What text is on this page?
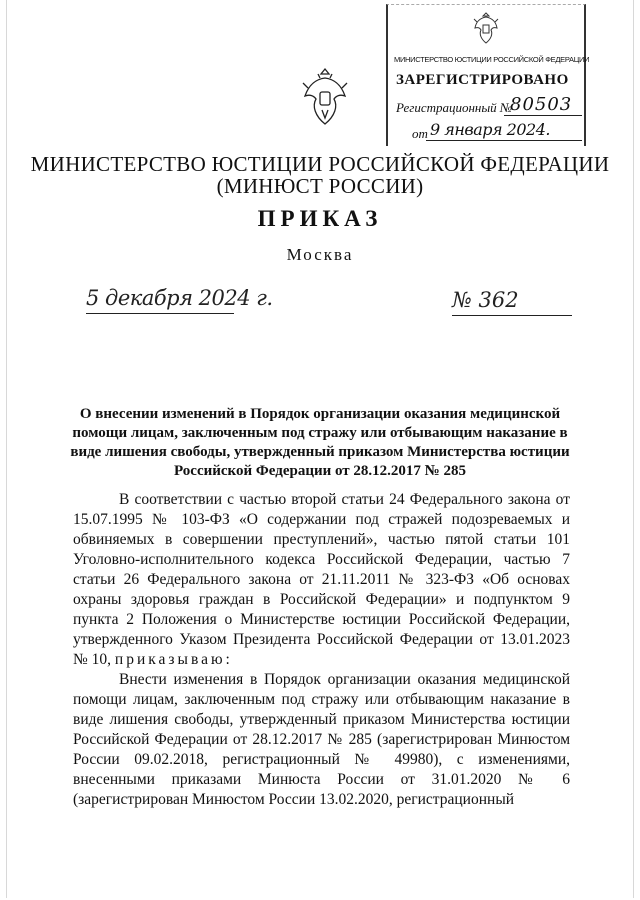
МИНИСТЕРСТВО ЮСТИЦИИ РОССИЙСКОЙ ФЕДЕРАЦИИ
ЗАРЕГИСТРИРОВАНО
Регистрационный №
80503
от 9 января 2024.
МИНИСТЕРСТВО ЮСТИЦИИ РОССИЙСКОЙ ФЕДЕРАЦИИ
(МИНЮСТ РОССИИ)
ПРИКАЗ
Москва
5 декабря 2024 г.	№ 362
О внесении изменений в Порядок организации оказания медицинской помощи лицам, заключенным под стражу или отбывающим наказание в виде лишения свободы, утвержденный приказом Министерства юстиции Российской Федерации от 28.12.2017 № 285

В соответствии с частью второй статьи 24 Федерального закона от 15.07.1995 № 103-ФЗ «О содержании под стражей подозреваемых и обвиняемых в совершении преступлений», частью пятой статьи 101 Уголовно-исполнительного кодекса Российской Федерации, частью 7 статьи 26 Федерального закона от 21.11.2011 № 323-ФЗ «Об основах охраны здоровья граждан в Российской Федерации» и подпунктом 9 пункта 2 Положения о Министерстве юстиции Российской Федерации, утвержденного Указом Президента Российской Федерации от 13.01.2023 № 10, приказываю:

Внести изменения в Порядок организации оказания медицинской помощи лицам, заключенным под стражу или отбывающим наказание в виде лишения свободы, утвержденный приказом Министерства юстиции Российской Федерации от 28.12.2017 № 285 (зарегистрирован Минюстом России 09.02.2018, регистрационный № 49980), с изменениями, внесенными приказами Минюста России от 31.01.2020 № 6 (зарегистрирован Минюстом России 13.02.2020, регистрационный
